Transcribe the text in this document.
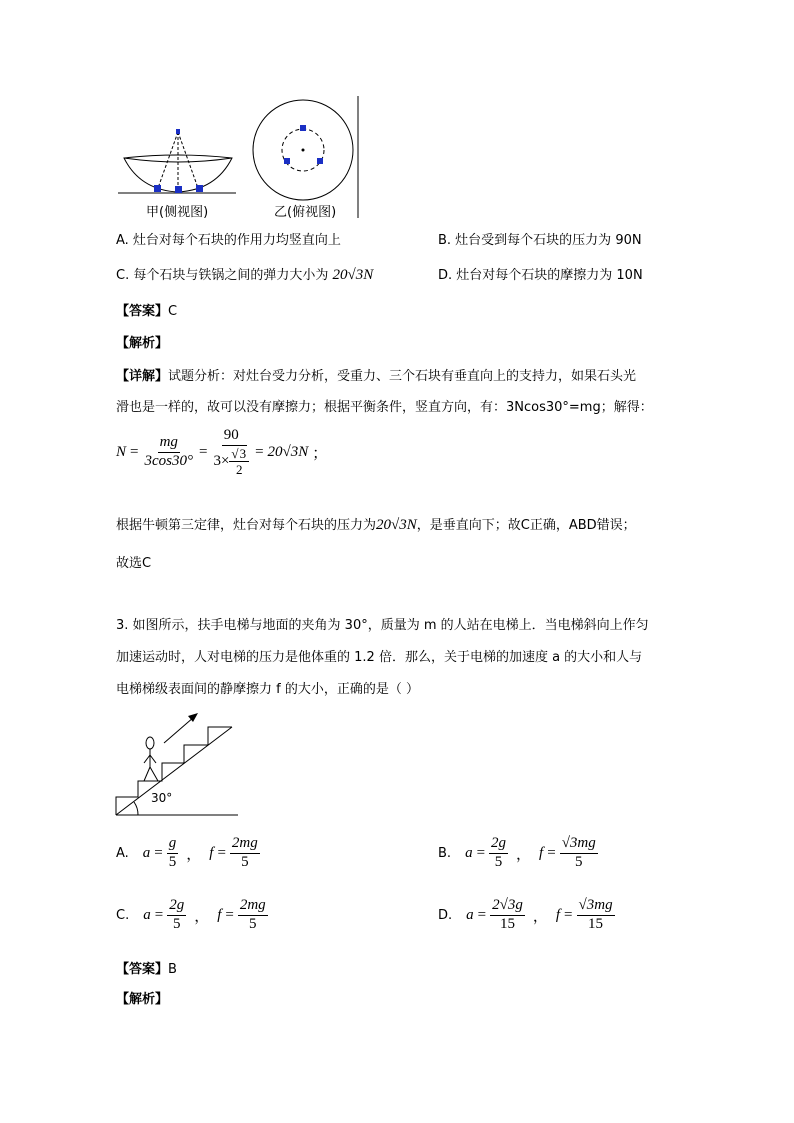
甲(侧视图)	乙(俯视图)
A. 灶台对每个石块的作用力均竖直向上	B. 灶台受到每个石块的压力为 90N
C. 每个石块与铁锅之间的弹力大小为 20√3N	D. 灶台对每个石块的摩擦力为 10N
【答案】C
【解析】
【详解】试题分析：对灶台受力分析，受重力、三个石块有垂直向上的支持力，如果石头光
滑也是一样的，故可以没有摩擦力；根据平衡条件，竖直方向，有：3Ncos30°=mg；解得：
$N = \frac{mg}{3\cos 30^\circ} = \frac{90}{3\times \frac{√3}{2}} = 20√3N$ ；
根据牛顿第三定律，灶台对每个石块的压力为20√3N，是垂直向下；故C正确，ABD错误；
故选C
3. 如图所示，扶手电梯与地面的夹角为 30°，质量为 m 的人站在电梯上．当电梯斜向上作匀
加速运动时，人对电梯的压力是他体重的 1.2 倍．那么，关于电梯的加速度 a 的大小和人与
电梯梯级表面间的静摩擦力 f 的大小，正确的是（ ）
30°
A. $a = \frac{g}{5}$ ， $f = \frac{2mg}{5}$	B. $a = \frac{2g}{5}$ ， $f = \frac{√3mg}{5}$
C. $a = \frac{2g}{5}$ ， $f = \frac{2mg}{5}$	D. $a = \frac{2√3g}{15}$ ， $f = \frac{√3mg}{15}$
【答案】B
【解析】
